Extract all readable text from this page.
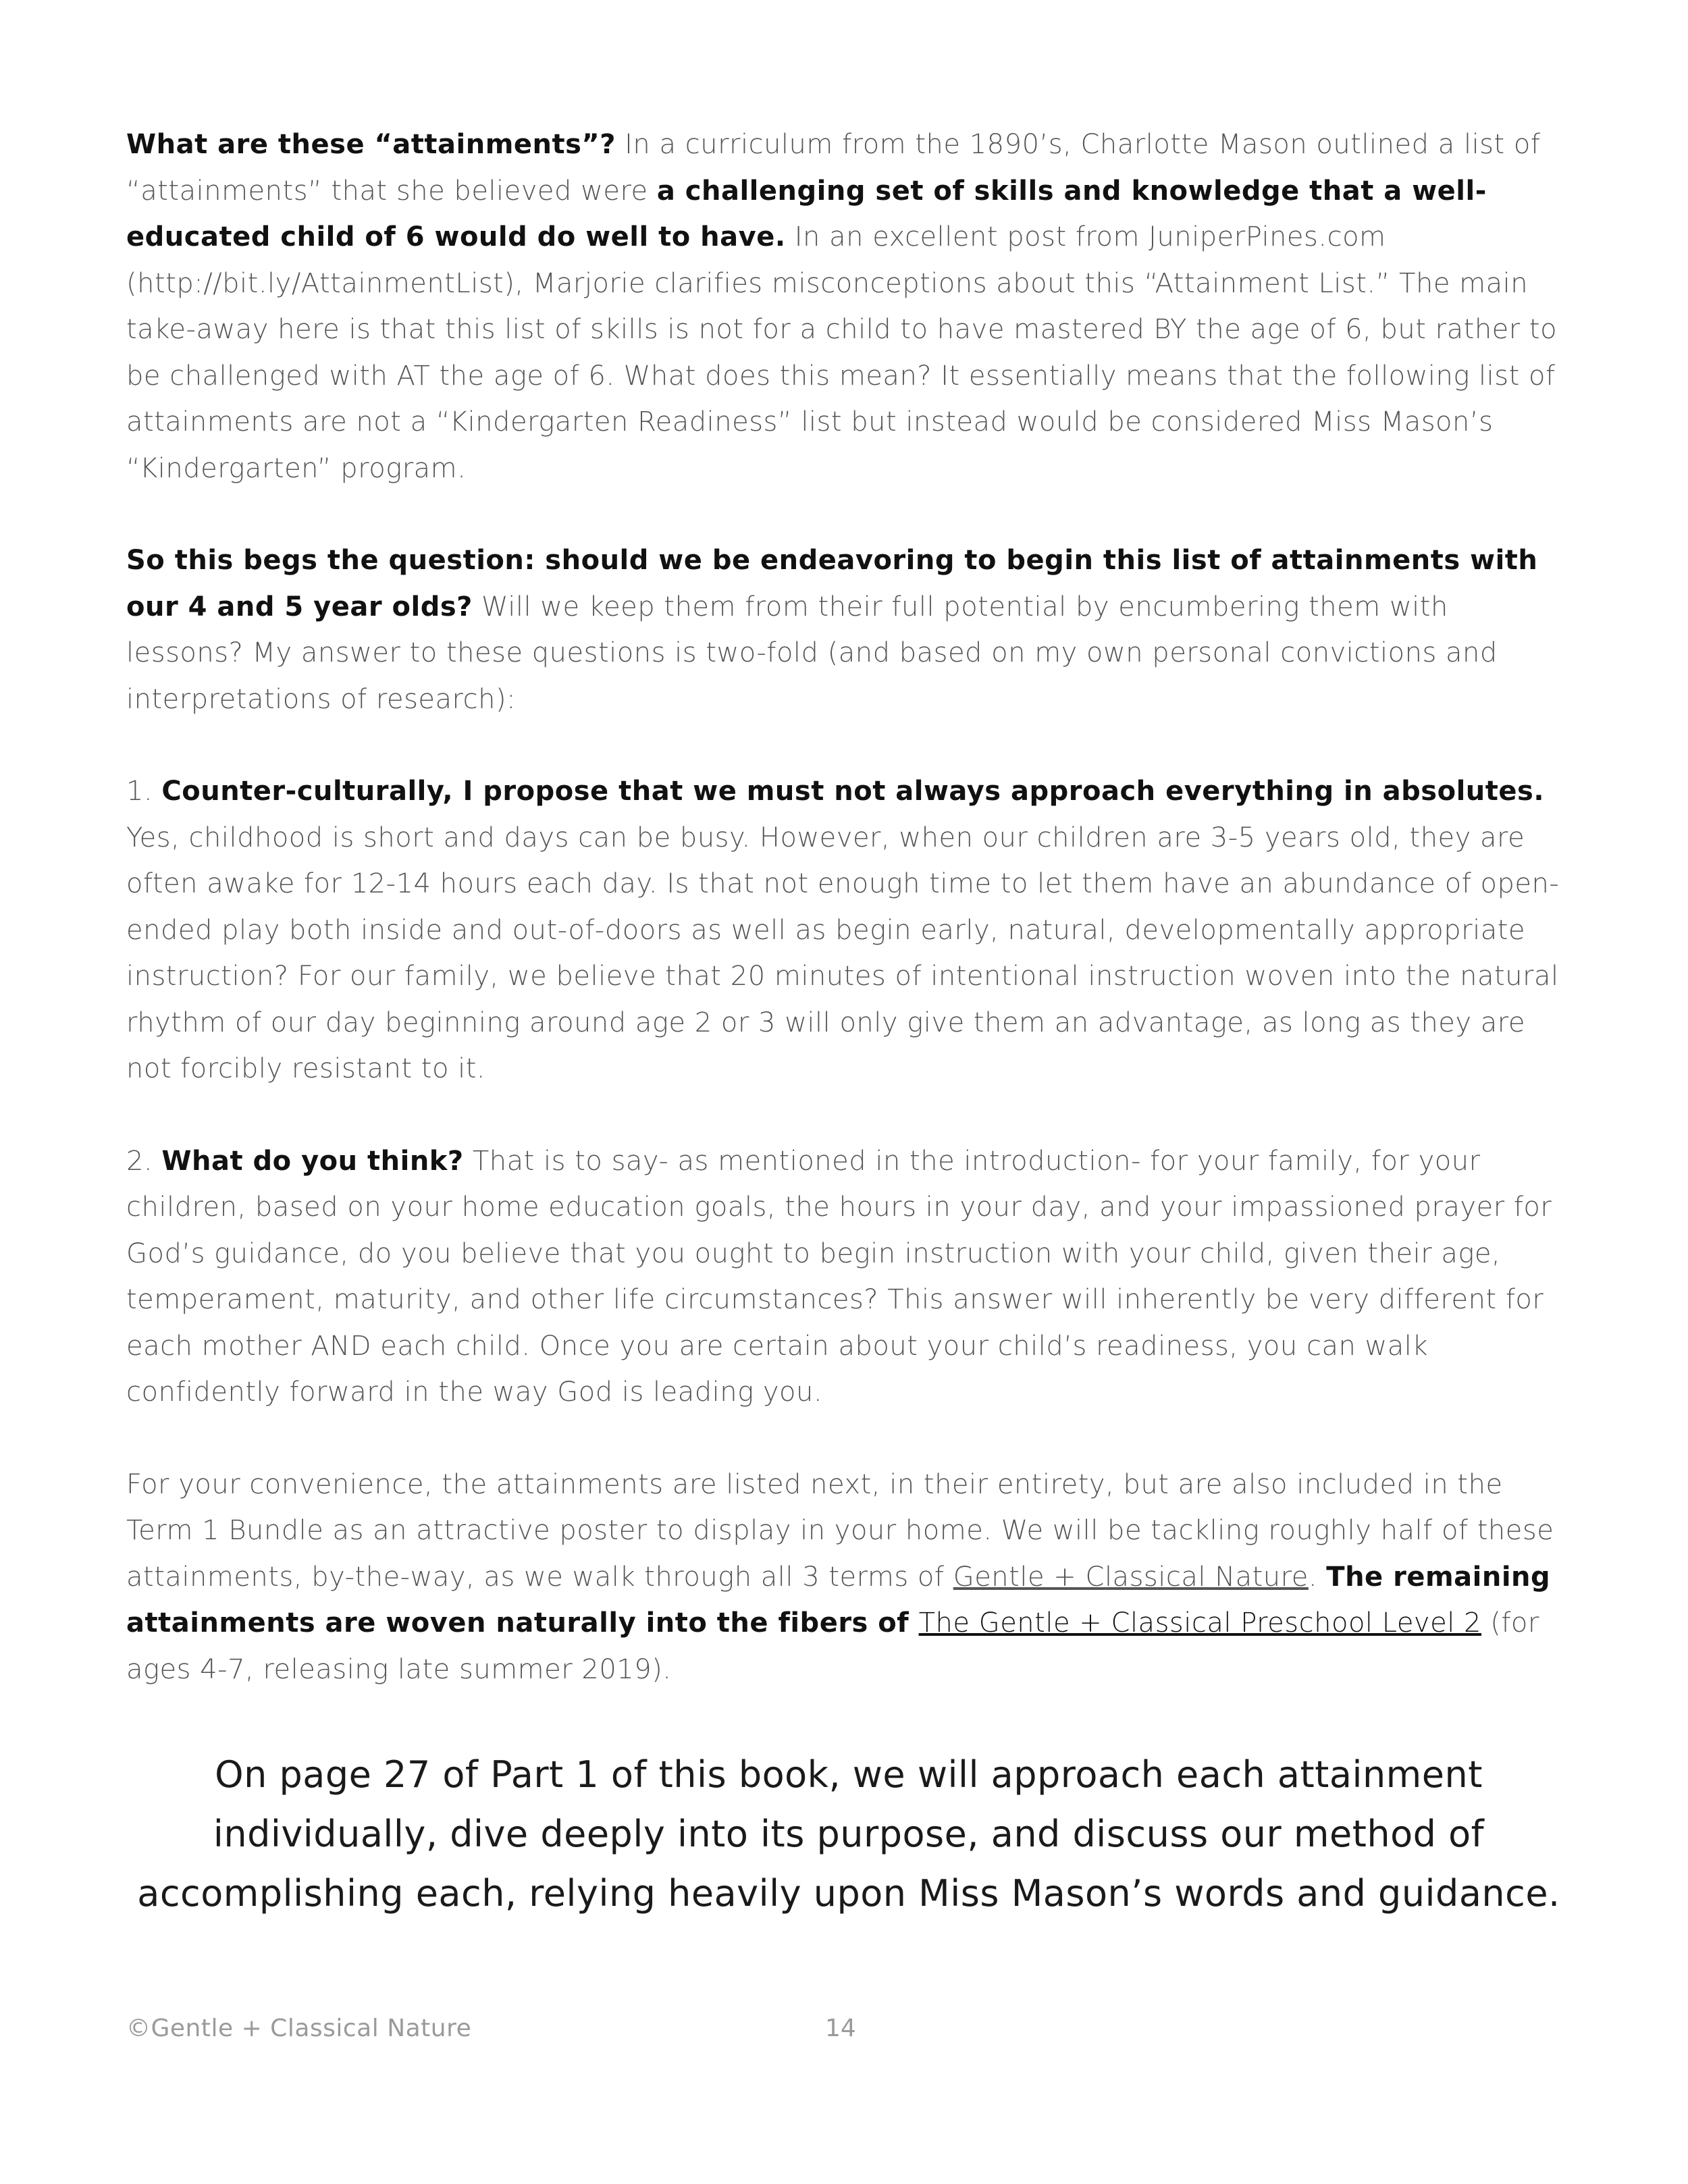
What are these “attainments”? In a curriculum from the 1890’s, Charlotte Mason outlined a list of “attainments” that she believed were a challenging set of skills and knowledge that a well-educated child of 6 would do well to have. In an excellent post from JuniperPines.com (http://bit.ly/AttainmentList), Marjorie clarifies misconceptions about this “Attainment List.” The main take-away here is that this list of skills is not for a child to have mastered BY the age of 6, but rather to be challenged with AT the age of 6. What does this mean? It essentially means that the following list of attainments are not a “Kindergarten Readiness” list but instead would be considered Miss Mason’s “Kindergarten” program.

So this begs the question: should we be endeavoring to begin this list of attainments with our 4 and 5 year olds? Will we keep them from their full potential by encumbering them with lessons? My answer to these questions is two-fold (and based on my own personal convictions and interpretations of research):

1. Counter-culturally, I propose that we must not always approach everything in absolutes. Yes, childhood is short and days can be busy. However, when our children are 3-5 years old, they are often awake for 12-14 hours each day. Is that not enough time to let them have an abundance of open-ended play both inside and out-of-doors as well as begin early, natural, developmentally appropriate instruction? For our family, we believe that 20 minutes of intentional instruction woven into the natural rhythm of our day beginning around age 2 or 3 will only give them an advantage, as long as they are not forcibly resistant to it.

2. What do you think? That is to say- as mentioned in the introduction- for your family, for your children, based on your home education goals, the hours in your day, and your impassioned prayer for God’s guidance, do you believe that you ought to begin instruction with your child, given their age, temperament, maturity, and other life circumstances? This answer will inherently be very different for each mother AND each child. Once you are certain about your child’s readiness, you can walk confidently forward in the way God is leading you.

For your convenience, the attainments are listed next, in their entirety, but are also included in the Term 1 Bundle as an attractive poster to display in your home. We will be tackling roughly half of these attainments, by-the-way, as we walk through all 3 terms of Gentle + Classical Nature. The remaining attainments are woven naturally into the fibers of The Gentle + Classical Preschool Level 2 (for ages 4-7, releasing late summer 2019).

On page 27 of Part 1 of this book, we will approach each attainment individually, dive deeply into its purpose, and discuss our method of accomplishing each, relying heavily upon Miss Mason’s words and guidance.
©Gentle + Classical Nature	14
